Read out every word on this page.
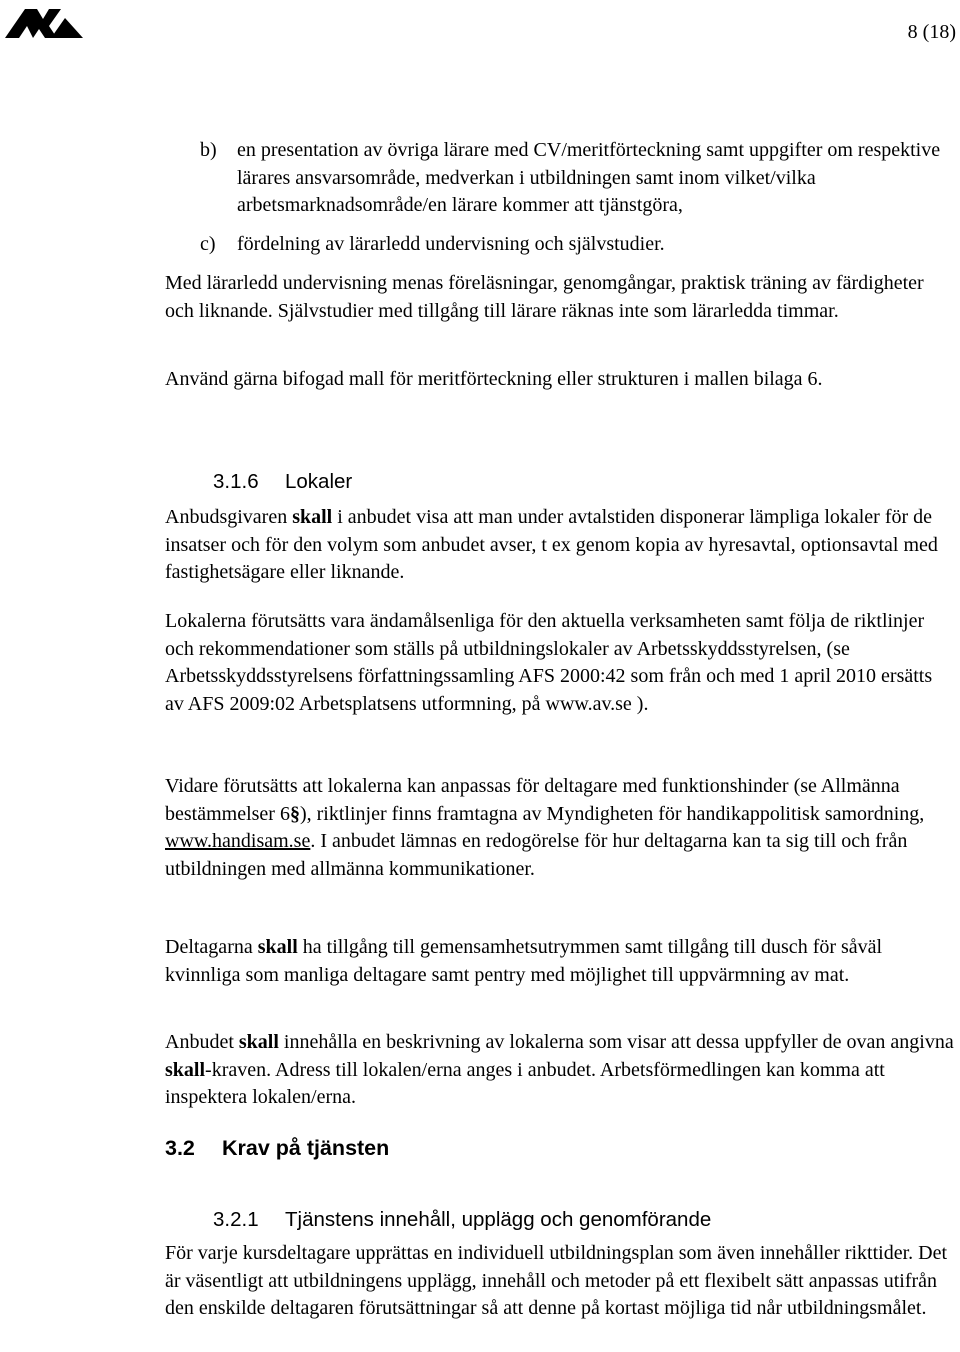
8 (18)
b) en presentation av övriga lärare med CV/meritförteckning samt uppgifter om respektive lärares ansvarsområde, medverkan i utbildningen samt inom vilket/vilka arbetsmarknadsområde/en lärare kommer att tjänstgöra,
c) fördelning av lärarledd undervisning och självstudier.

Med lärarledd undervisning menas föreläsningar, genomgångar, praktisk träning av färdigheter och liknande. Självstudier med tillgång till lärare räknas inte som lärarledda timmar.

Använd gärna bifogad mall för meritförteckning eller strukturen i mallen bilaga 6.

3.1.6 Lokaler

Anbudsgivaren skall i anbudet visa att man under avtalstiden disponerar lämpliga lokaler för de insatser och för den volym som anbudet avser, t ex genom kopia av hyresavtal, optionsavtal med fastighetsägare eller liknande.

Lokalerna förutsätts vara ändamålsenliga för den aktuella verksamheten samt följa de riktlinjer och rekommendationer som ställs på utbildningslokaler av Arbetsskyddsstyrelsen, (se Arbetsskyddsstyrelsens författningssamling AFS 2000:42 som från och med 1 april 2010 ersätts av AFS 2009:02 Arbetsplatsens utformning, på www.av.se ).

Vidare förutsätts att lokalerna kan anpassas för deltagare med funktionshinder (se Allmänna bestämmelser 6§), riktlinjer finns framtagna av Myndigheten för handikappolitisk samordning, www.handisam.se. I anbudet lämnas en redogörelse för hur deltagarna kan ta sig till och från utbildningen med allmänna kommunikationer.

Deltagarna skall ha tillgång till gemensamhetsutrymmen samt tillgång till dusch för såväl kvinnliga som manliga deltagare samt pentry med möjlighet till uppvärmning av mat.

Anbudet skall innehålla en beskrivning av lokalerna som visar att dessa uppfyller de ovan angivna skall-kraven. Adress till lokalen/erna anges i anbudet. Arbetsförmedlingen kan komma att inspektera lokalen/erna.

3.2 Krav på tjänsten
3.2.1 Tjänstens innehåll, upplägg och genomförande

För varje kursdeltagare upprättas en individuell utbildningsplan som även innehåller rikttider. Det är väsentligt att utbildningens upplägg, innehåll och metoder på ett flexibelt sätt anpassas utifrån den enskilde deltagaren förutsättningar så att denne på kortast möjliga tid når utbildningsmålet.
